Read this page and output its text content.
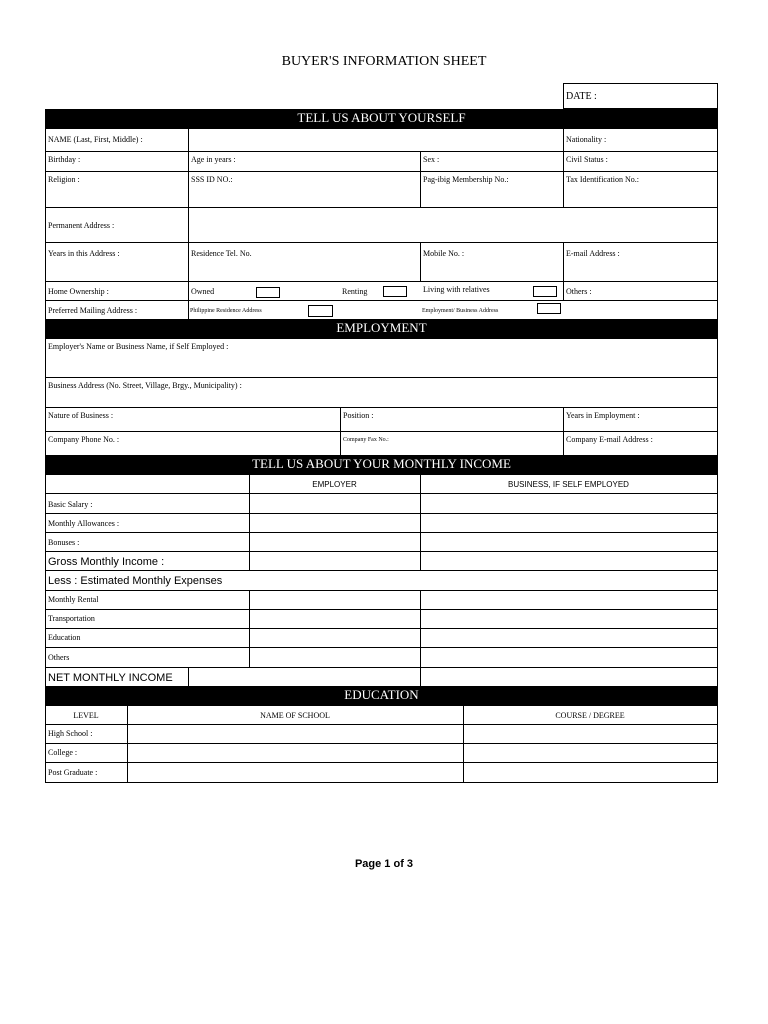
BUYER'S INFORMATION SHEET
DATE :
TELL US ABOUT YOURSELF
NAME (Last, First, Middle) :	Nationality :
Birthday :	Age in years :	Sex :	Civil Status :
Religion :	SSS ID NO.:	Pag-ibig Membership No.:	Tax Identification No.:
Permanent Address :
Years in this Address :	Residence Tel. No.	Mobile No. :	E-mail Address :
Home Ownership :	Owned	Renting	Living with relatives	Others :
Preferred Mailing Address :	Philippine Residence Address	Employment/ Business Address
EMPLOYMENT
Employer's Name or Business Name, if Self Employed :
Business Address (No. Street, Village, Brgy., Municipality) :
Nature of Business :	Position :	Years in Employment :
Company Phone No. :	Company Fax No.:	Company E-mail Address :
TELL US ABOUT YOUR MONTHLY INCOME
EMPLOYER	BUSINESS, IF SELF EMPLOYED
Basic Salary :
Monthly Allowances :
Bonuses :
Gross Monthly Income :
Less : Estimated Monthly Expenses
Monthly Rental
Transportation
Education
Others
NET MONTHLY INCOME
EDUCATION
LEVEL	NAME OF SCHOOL	COURSE / DEGREE
High School :
College :
Post Graduate :
Page 1 of 3
